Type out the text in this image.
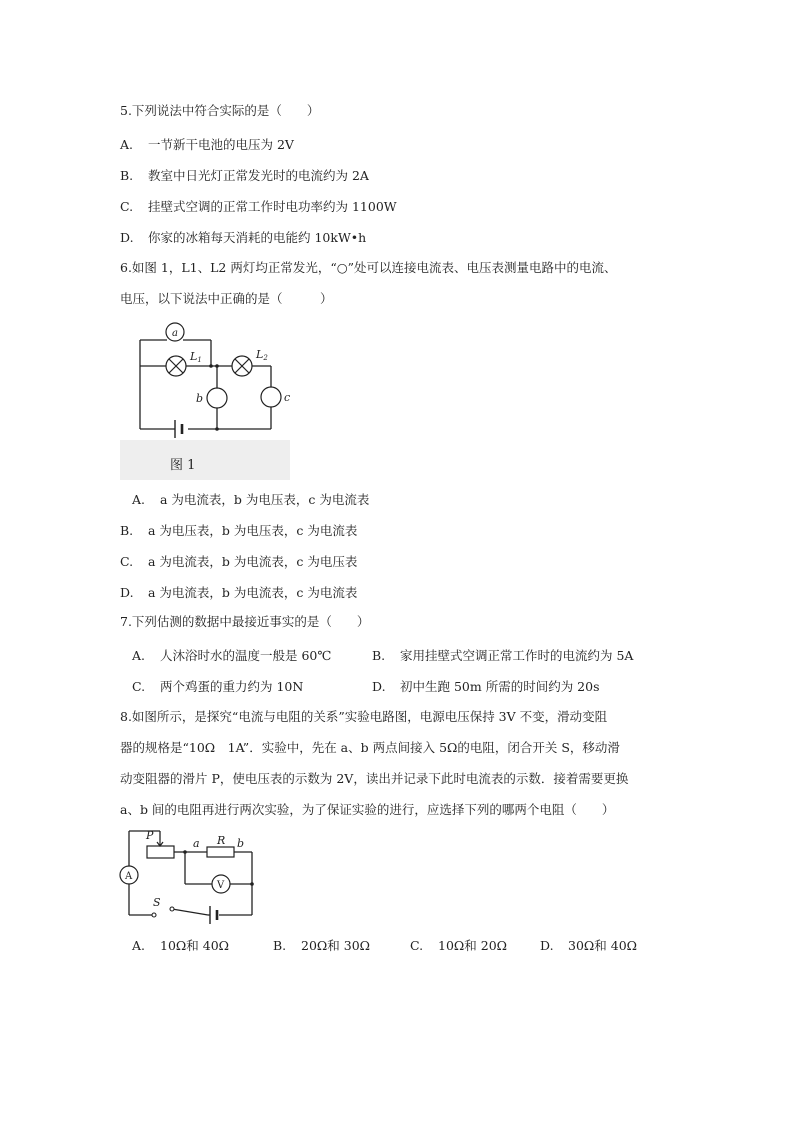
5.下列说法中符合实际的是（　　）
A. 一节新干电池的电压为 2V
B. 教室中日光灯正常发光时的电流约为 2A
C. 挂壁式空调的正常工作时电功率约为 1100W
D. 你家的冰箱每天消耗的电能约 10kW•h
6.如图 1，L1、L2 两灯均正常发光，“○”处可以连接电流表、电压表测量电路中的电流、
电压，以下说法中正确的是（　　　）
a
L1	L2
b	c
图 1
A. a 为电流表，b 为电压表，c 为电流表
B. a 为电压表，b 为电压表，c 为电流表
C. a 为电流表，b 为电流表，c 为电压表
D. a 为电流表，b 为电流表，c 为电流表
7.下列估测的数据中最接近事实的是（　　）
A. 人沐浴时水的温度一般是 60℃	B. 家用挂壁式空调正常工作时的电流约为 5A
C. 两个鸡蛋的重力约为 10N	D. 初中生跑 50m 所需的时间约为 20s
8.如图所示，是探究“电流与电阻的关系”实验电路图，电源电压保持 3V 不变，滑动变阻
器的规格是“10Ω　1A”．实验中，先在 a、b 两点间接入 5Ω的电阻，闭合开关 S，移动滑
动变阻器的滑片 P，使电压表的示数为 2V，读出并记录下此时电流表的示数．接着需要更换
a、b 间的电阻再进行两次实验，为了保证实验的进行，应选择下列的哪两个电阻（　　）
P	R
a	b
V
A
S
A. 10Ω和 40Ω	B. 20Ω和 30Ω	C. 10Ω和 20Ω	D. 30Ω和 40Ω
